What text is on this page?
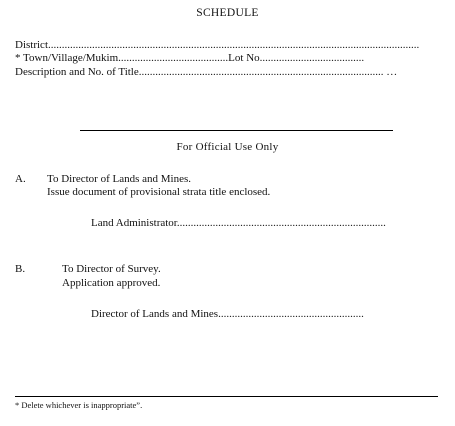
SCHEDULE
District.......................................................................................................................................
* Town/Village/Mukim........................................Lot No......................................
Description and No. of Title......................................................................................... …
For Official Use Only
A. To Director of Lands and Mines.
Issue document of provisional strata title enclosed.
Land Administrator............................................................................
B.	To Director of Survey.
Application approved.
Director of Lands and Mines.....................................................
* Delete whichever is inappropriate”.
